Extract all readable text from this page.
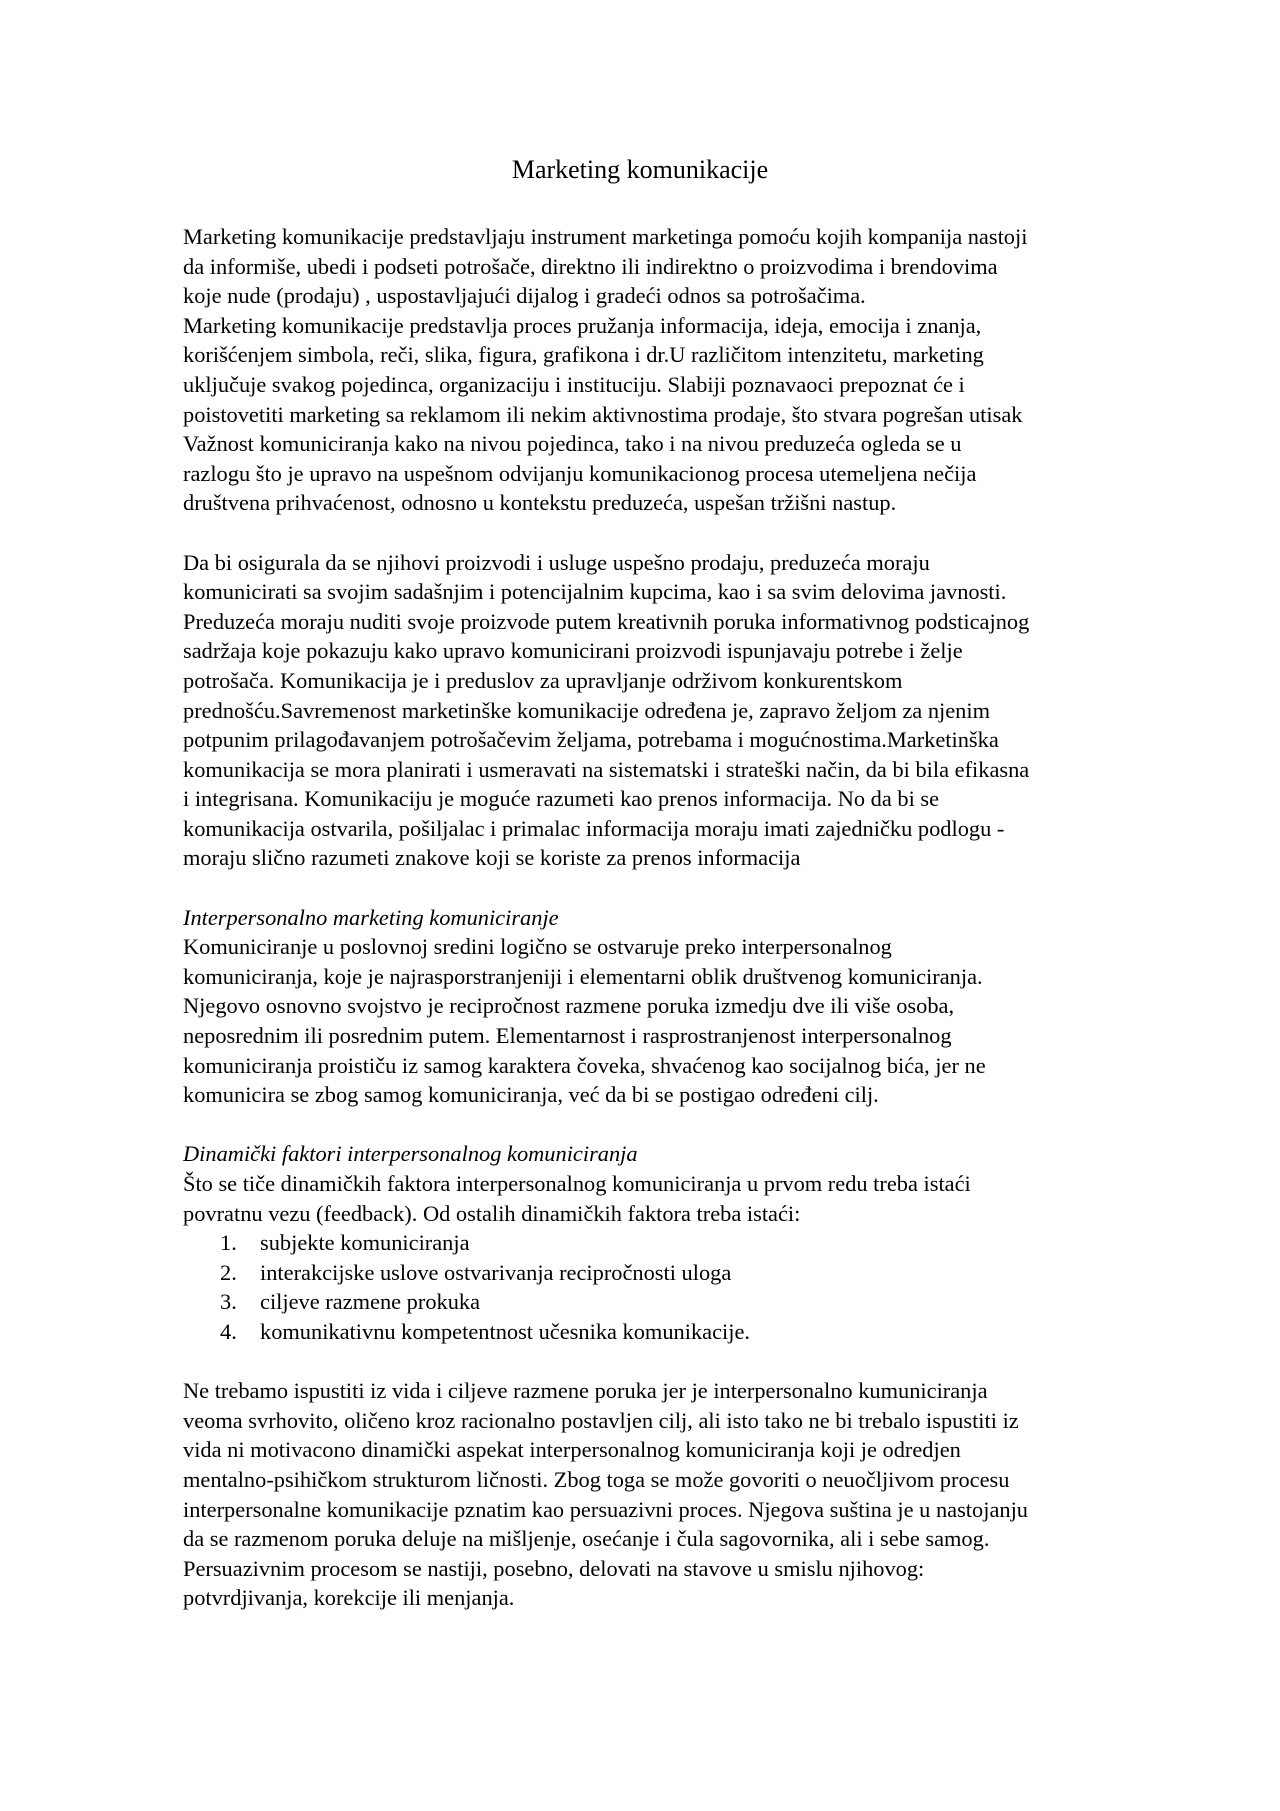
Marketing komunikacije
Marketing komunikacije predstavljaju instrument marketinga pomoću kojih kompanija nastoji
da informiše, ubedi i podseti potrošače, direktno ili indirektno o proizvodima i brendovima
koje nude (prodaju) , uspostavljajući dijalog i gradeći odnos sa potrošačima.
Marketing komunikacije predstavlja proces pružanja informacija, ideja, emocija i znanja,
korišćenjem simbola, reči, slika, figura, grafikona i dr.U različitom intenzitetu, marketing
uključuje svakog pojedinca, organizaciju i instituciju. Slabiji poznavaoci prepoznat će i
poistovetiti marketing sa reklamom ili nekim aktivnostima prodaje, što stvara pogrešan utisak
Važnost komuniciranja kako na nivou pojedinca, tako i na nivou preduzeća ogleda se u
razlogu što je upravo na uspešnom odvijanju komunikacionog procesa utemeljena nečija
društvena prihvaćenost, odnosno u kontekstu preduzeća, uspešan tržišni nastup.
Da bi osigurala da se njihovi proizvodi i usluge uspešno prodaju, preduzeća moraju
komunicirati sa svojim sadašnjim i potencijalnim kupcima, kao i sa svim delovima javnosti.
Preduzeća moraju nuditi svoje proizvode putem kreativnih poruka informativnog podsticajnog
sadržaja koje pokazuju kako upravo komunicirani proizvodi ispunjavaju potrebe i želje
potrošača. Komunikacija je i preduslov za upravljanje održivom konkurentskom
prednošću.Savremenost marketinške komunikacije određena je, zapravo željom za njenim
potpunim prilagođavanjem potrošačevim željama, potrebama i mogućnostima.Marketinška
komunikacija se mora planirati i usmeravati na sistematski i strateški način, da bi bila efikasna
i integrisana. Komunikaciju je moguće razumeti kao prenos informacija. No da bi se
komunikacija ostvarila, pošiljalac i primalac informacija moraju imati zajedničku podlogu -
moraju slično razumeti znakove koji se koriste za prenos informacija
Interpersonalno marketing komuniciranje
Komuniciranje u poslovnoj sredini logično se ostvaruje preko interpersonalnog
komuniciranja, koje je najrasporstranjeniji i elementarni oblik društvenog komuniciranja.
Njegovo osnovno svojstvo je recipročnost razmene poruka izmedju dve ili više osoba,
neposrednim ili posrednim putem. Elementarnost i rasprostranjenost interpersonalnog
komuniciranja proističu iz samog karaktera čoveka, shvaćenog kao socijalnog bića, jer ne
komunicira se zbog samog komuniciranja, već da bi se postigao određeni cilj.
Dinamički faktori interpersonalnog komuniciranja
Što se tiče dinamičkih faktora interpersonalnog komuniciranja u prvom redu treba istaći
povratnu vezu (feedback). Od ostalih dinamičkih faktora treba istaći:
1. subjekte komuniciranja
2. interakcijske uslove ostvarivanja recipročnosti uloga
3. ciljeve razmene prokuka
4. komunikativnu kompetentnost učesnika komunikacije.
Ne trebamo ispustiti iz vida i ciljeve razmene poruka jer je interpersonalno kumuniciranja
veoma svrhovito, oličeno kroz racionalno postavljen cilj, ali isto tako ne bi trebalo ispustiti iz
vida ni motivacono dinamički aspekat interpersonalnog komuniciranja koji je odredjen
mentalno-psihičkom strukturom ličnosti. Zbog toga se može govoriti o neuočljivom procesu
interpersonalne komunikacije pznatim kao persuazivni proces. Njegova suština je u nastojanju
da se razmenom poruka deluje na mišljenje, osećanje i čula sagovornika, ali i sebe samog.
Persuazivnim procesom se nastiji, posebno, delovati na stavove u smislu njihovog:
potvrdjivanja, korekcije ili menjanja.
